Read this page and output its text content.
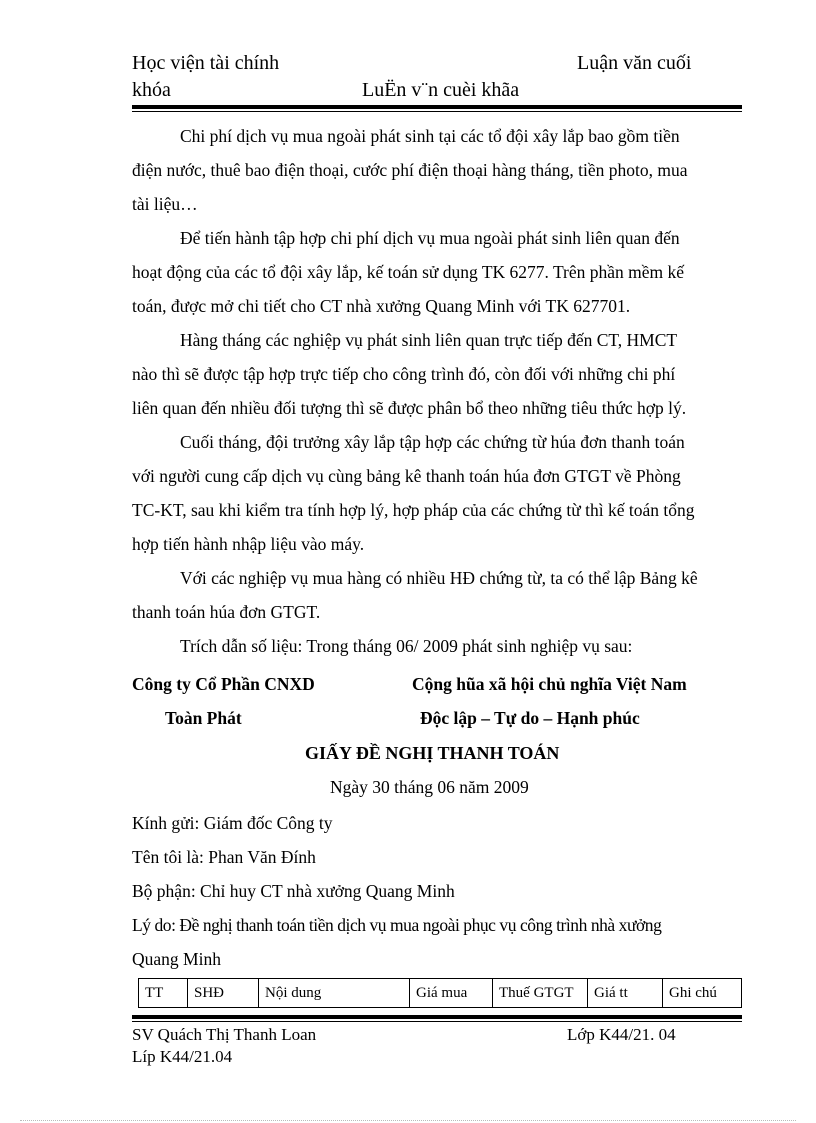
Học viện tài chính	Luận văn cuối
khóa	LuËn v¨n cuèi khãa
Chi phí dịch vụ mua ngoài phát sinh tại các tổ đội xây lắp bao gồm tiền
điện nước, thuê bao điện thoại, cước phí điện thoại hàng tháng, tiền photo, mua
tài liệu…
Để tiến hành tập hợp chi phí dịch vụ mua ngoài phát sinh liên quan đến
hoạt động của các tổ đội xây lắp, kế toán sử dụng TK 6277. Trên phần mềm kế
toán, được mở chi tiết cho CT nhà xưởng Quang Minh với TK 627701.
Hàng tháng các nghiệp vụ phát sinh liên quan trực tiếp đến CT, HMCT
nào thì sẽ được tập hợp trực tiếp cho công trình đó, còn đối với những chi phí
liên quan đến nhiều đối tượng thì sẽ được phân bổ theo những tiêu thức hợp lý.
Cuối tháng, đội trưởng xây lắp tập hợp các chứng từ húa đơn thanh toán
với người cung cấp dịch vụ cùng bảng kê thanh toán húa đơn GTGT về Phòng
TC-KT, sau khi kiểm tra tính hợp lý, hợp pháp của các chứng từ thì kế toán tổng
hợp tiến hành nhập liệu vào máy.
Với các nghiệp vụ mua hàng có nhiều HĐ chứng từ, ta có thể lập Bảng kê
thanh toán húa đơn GTGT.
Trích dẫn số liệu: Trong tháng 06/ 2009 phát sinh nghiệp vụ sau:
Công ty Cổ Phần CNXD	Cộng hũa xã hội chủ nghĩa Việt Nam
Toàn Phát	Độc lập – Tự do – Hạnh phúc
GIẤY ĐỀ NGHỊ THANH TOÁN
Ngày 30 tháng 06 năm 2009
Kính gửi: Giám đốc Công ty
Tên tôi là: Phan Văn Đính
Bộ phận: Chỉ huy CT nhà xưởng Quang Minh
Lý do: Đề nghị thanh toán tiền dịch vụ mua ngoài phục vụ công trình nhà xưởng
Quang Minh
TT	SHĐ	Nội dung	Giá mua	Thuế GTGT	Giá tt	Ghi chú
SV Quách Thị Thanh Loan	Lớp K44/21. 04
Líp K44/21.04
